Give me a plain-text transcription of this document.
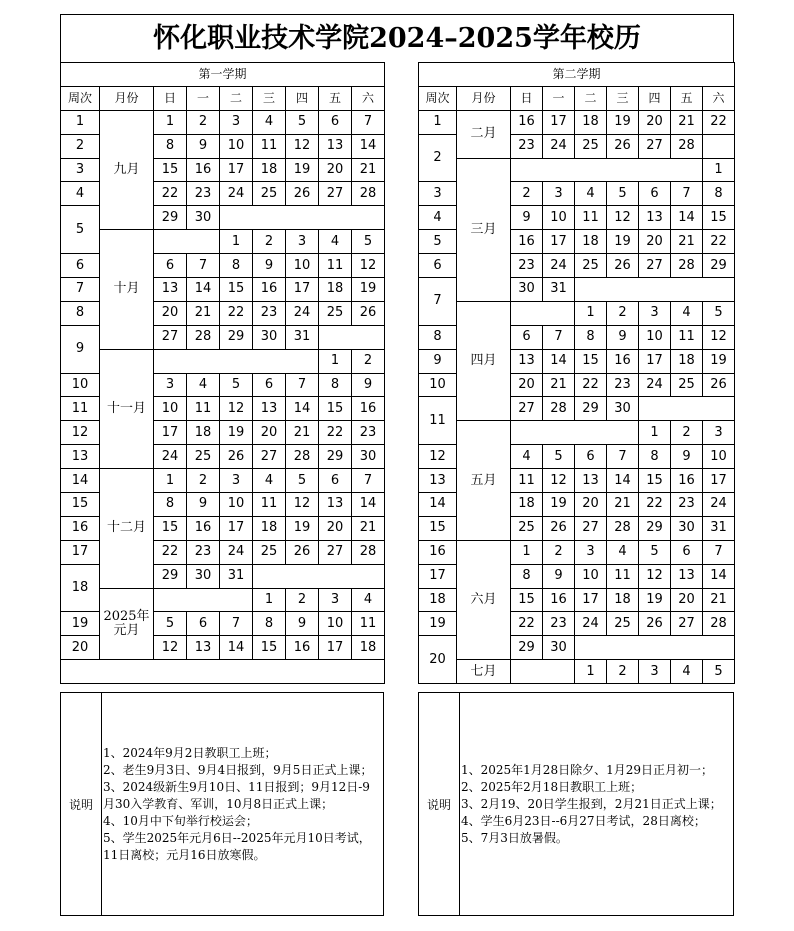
怀化职业技术学院2024–2025学年校历
第一学期								
周次	月份	日	一	二	三	四	五	六
1	九月	1	2	3	4	5	6	7
2		8	9	10	11	12	13	14
3		15	16	17	18	19	20	21
4		22	23	24	25	26	27	28
5		29	30					
	十月			1	2	3	4	5
6		6	7	8	9	10	11	12
7		13	14	15	16	17	18	19
8		20	21	22	23	24	25	26
9		27	28	29	30	31		
	十一月						1	2
10		3	4	5	6	7	8	9
11		10	11	12	13	14	15	16
12		17	18	19	20	21	22	23
13		24	25	26	27	28	29	30
14	十二月	1	2	3	4	5	6	7
15		8	9	10	11	12	13	14
16		15	16	17	18	19	20	21
17		22	23	24	25	26	27	28
18		29	30	31				
	2025年元月				1	2	3	4
19		5	6	7	8	9	10	11
20		12	13	14	15	16	17	18

第二学期								
周次	月份	日	一	二	三	四	五	六
1	二月	16	17	18	19	20	21	22
2		23	24	25	26	27	28	
	三月							1
3		2	3	4	5	6	7	8
4		9	10	11	12	13	14	15
5		16	17	18	19	20	21	22
6		23	24	25	26	27	28	29
7		30	31					
	四月			1	2	3	4	5
8		6	7	8	9	10	11	12
9		13	14	15	16	17	18	19
10		20	21	22	23	24	25	26
11		27	28	29	30			
	五月					1	2	3
12		4	5	6	7	8	9	10
13		11	12	13	14	15	16	17
14		18	19	20	21	22	23	24
15		25	26	27	28	29	30	31
16	六月	1	2	3	4	5	6	7
17		8	9	10	11	12	13	14
18		15	16	17	18	19	20	21
19		22	23	24	25	26	27	28
20		29	30					
	七月			1	2	3	4	5
说明
1、2024年9月2日教职工上班；
2、老生9月3日、9月4日报到，9月5日正式上课；
3、2024级新生9月10日、11日报到；9月12日-9月30入学教育、军训，10月8日正式上课；
4、10月中下旬举行校运会；
5、学生2025年元月6日--2025年元月10日考试，11日离校；元月16日放寒假。
说明
1、2025年1月28日除夕、1月29日正月初一；
2、2025年2月18日教职工上班；
3、2月19、20日学生报到，2月21日正式上课；
4、学生6月23日--6月27日考试，28日离校；
5、7月3日放暑假。
